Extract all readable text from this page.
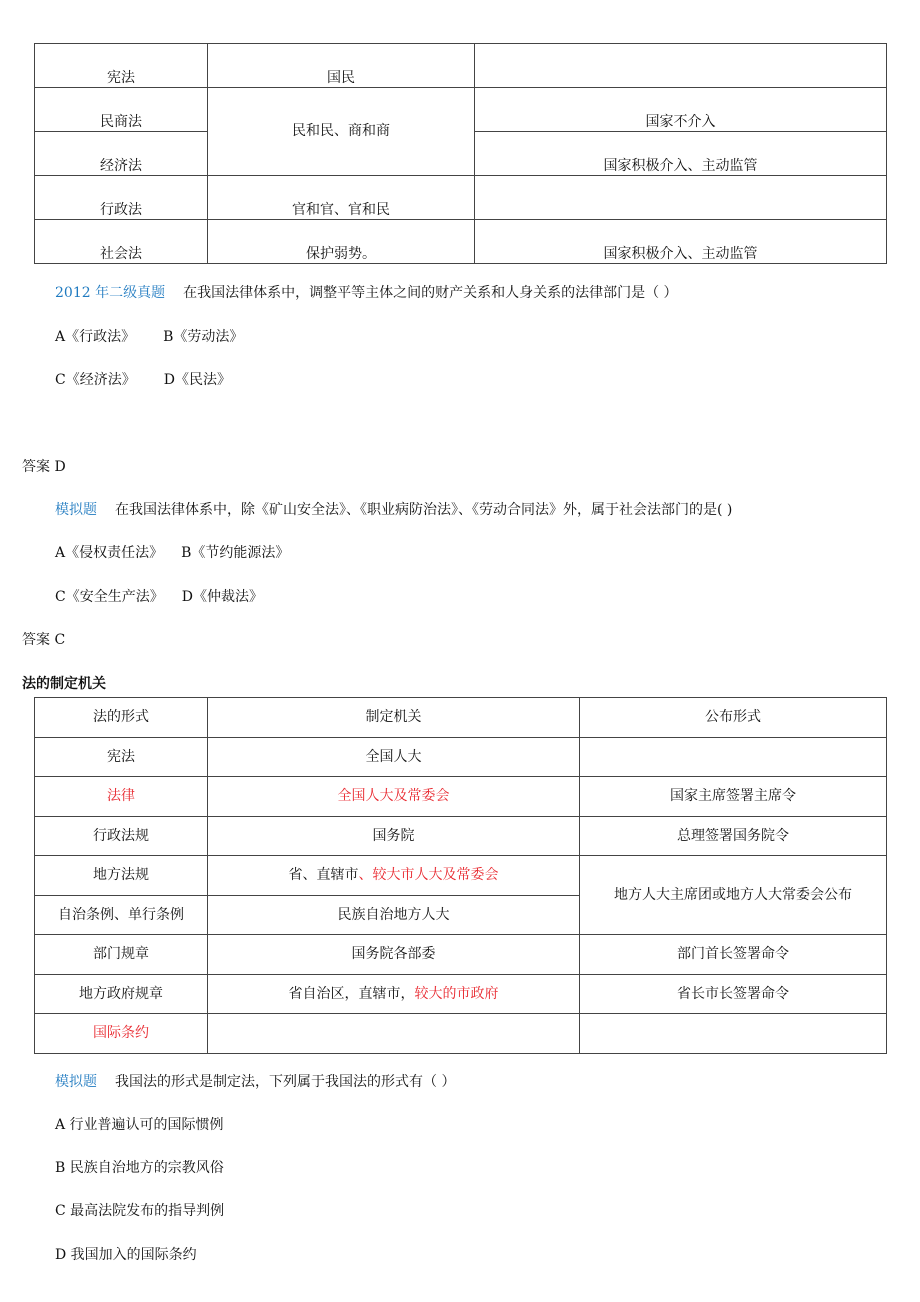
宪法	国民	
民商法	民和民、商和商	国家不介入
经济法		国家积极介入、主动监管
行政法	官和官、官和民	
社会法	保护弱势。	国家积极介入、主动监管
2012 年二级真题 在我国法律体系中，调整平等主体之间的财产关系和人身关系的法律部门是（ ）
A《行政法》 B《劳动法》
C《经济法》 D《民法》
答案 D
模拟题 在我国法律体系中，除《矿山安全法》、《职业病防治法》、《劳动合同法》外，属于社会法部门的是( )
A《侵权责任法》 B《节约能源法》
C《安全生产法》 D《仲裁法》
答案 C
法的制定机关
法的形式	制定机关	公布形式
宪法	全国人大	
法律	全国人大及常委会	国家主席签署主席令
行政法规	国务院	总理签署国务院令
地方法规	省、直辖市、较大市人大及常委会	地方人大主席团或地方人大常委会公布
自治条例、单行条例	民族自治地方人大	
部门规章	国务院各部委	部门首长签署命令
地方政府规章	省自治区，直辖市，较大的市政府	省长市长签署命令
国际条约		
模拟题 我国法的形式是制定法，下列属于我国法的形式有（ ）
A 行业普遍认可的国际惯例
B 民族自治地方的宗教风俗
C 最高法院发布的指导判例
D 我国加入的国际条约
